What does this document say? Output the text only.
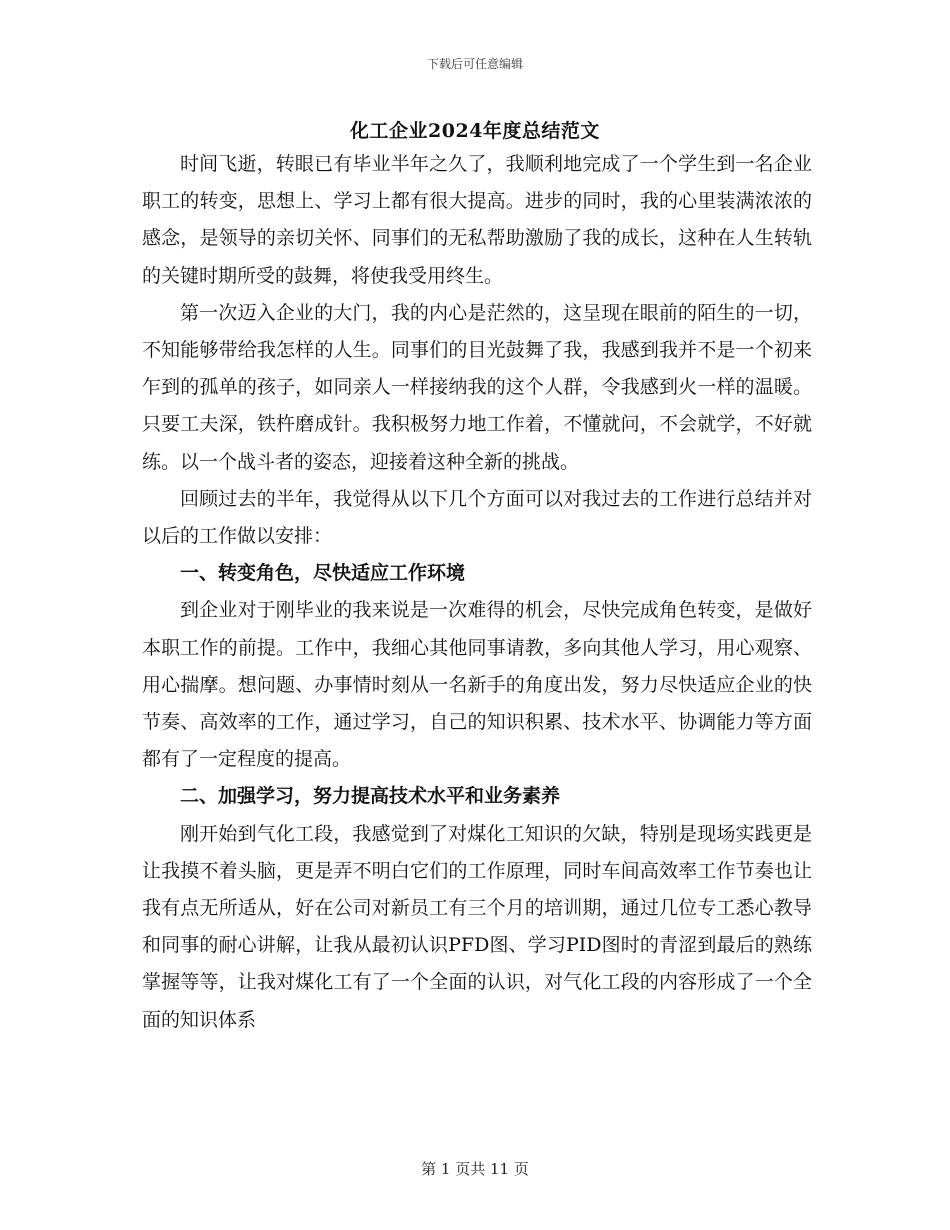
下载后可任意编辑
化工企业2024年度总结范文

时间飞逝，转眼已有毕业半年之久了，我顺利地完成了一个学生到一名企业职工的转变，思想上、学习上都有很大提高。进步的同时，我的心里装满浓浓的感念，是领导的亲切关怀、同事们的无私帮助激励了我的成长，这种在人生转轨的关键时期所受的鼓舞，将使我受用终生。

第一次迈入企业的大门，我的内心是茫然的，这呈现在眼前的陌生的一切，不知能够带给我怎样的人生。同事们的目光鼓舞了我，我感到我并不是一个初来乍到的孤单的孩子，如同亲人一样接纳我的这个人群，令我感到火一样的温暖。只要工夫深，铁杵磨成针。我积极努力地工作着，不懂就问，不会就学，不好就练。以一个战斗者的姿态，迎接着这种全新的挑战。

回顾过去的半年，我觉得从以下几个方面可以对我过去的工作进行总结并对以后的工作做以安排：

一、转变角色，尽快适应工作环境

到企业对于刚毕业的我来说是一次难得的机会，尽快完成角色转变，是做好本职工作的前提。工作中，我细心其他同事请教，多向其他人学习，用心观察、用心揣摩。想问题、办事情时刻从一名新手的角度出发，努力尽快适应企业的快节奏、高效率的工作，通过学习，自己的知识积累、技术水平、协调能力等方面都有了一定程度的提高。

二、加强学习，努力提高技术水平和业务素养

刚开始到气化工段，我感觉到了对煤化工知识的欠缺，特别是现场实践更是让我摸不着头脑，更是弄不明白它们的工作原理，同时车间高效率工作节奏也让我有点无所适从，好在公司对新员工有三个月的培训期，通过几位专工悉心教导和同事的耐心讲解，让我从最初认识PFD图、学习PID图时的青涩到最后的熟练掌握等等，让我对煤化工有了一个全面的认识，对气化工段的内容形成了一个全面的知识体系

第 1 页共 11 页
